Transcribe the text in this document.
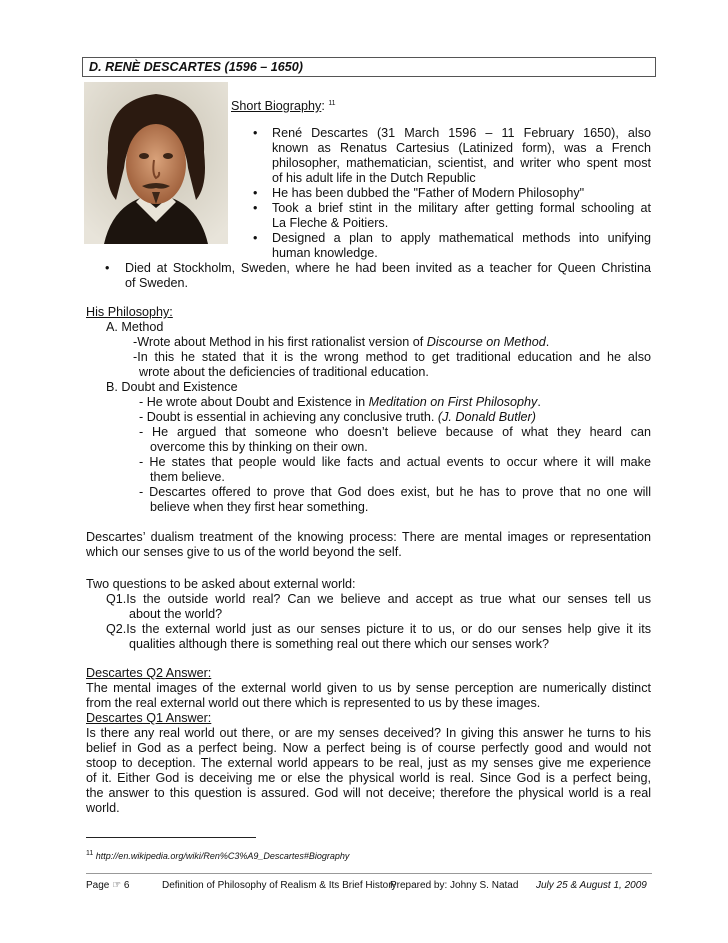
D. RENÈ DESCARTES (1596 – 1650)
Short Biography: $^{11}$
• René Descartes (31 March 1596 – 11 February 1650), also
known as Renatus Cartesius (Latinized form), was a French
philosopher, mathematician, scientist, and writer who spent most
of his adult life in the Dutch Republic
• He has been dubbed the "Father of Modern Philosophy"
• Took a brief stint in the military after getting formal schooling at
La Fleche & Poitiers.
• Designed a plan to apply mathematical methods into unifying
human knowledge.
• Died at Stockholm, Sweden, where he had been invited as a teacher for Queen Christina
of Sweden.
His Philosophy:
A. Method
-Wrote about Method in his first rationalist version of Discourse on Method.
-In this he stated that it is the wrong method to get traditional education and he also
wrote about the deficiencies of traditional education.
B. Doubt and Existence
- He wrote about Doubt and Existence in Meditation on First Philosophy.
- Doubt is essential in achieving any conclusive truth. (J. Donald Butler)
- He argued that someone who doesn’t believe because of what they heard can
overcome this by thinking on their own.
- He states that people would like facts and actual events to occur where it will make
them believe.
- Descartes offered to prove that God does exist, but he has to prove that no one will
believe when they first hear something.
Descartes’ dualism treatment of the knowing process: There are mental images or representation
which our senses give to us of the world beyond the self.
Two questions to be asked about external world:
Q1.Is the outside world real? Can we believe and accept as true what our senses tell us
about the world?
Q2.Is the external world just as our senses picture it to us, or do our senses help give it its
qualities although there is something real out there which our senses work?
Descartes Q2 Answer:
The mental images of the external world given to us by sense perception are numerically distinct
from the real external world out there which is represented to us by these images.
Descartes Q1 Answer:
Is there any real world out there, or are my senses deceived? In giving this answer he turns to his
belief in God as a perfect being. Now a perfect being is of course perfectly good and would not
stoop to deception. The external world appears to be real, just as my senses give me experience
of it. Either God is deceiving me or else the physical world is real. Since God is a perfect being,
the answer to this question is assured. God will not deceive; therefore the physical world is a real
world.
$^{11}$ http://en.wikipedia.org/wiki/Ren%C3%A9_Descartes#Biography
Page ☞ 6	Definition of Philosophy of Realism & Its Brief History
Prepared by: Johny S. Natad July 25 & August 1, 2009
